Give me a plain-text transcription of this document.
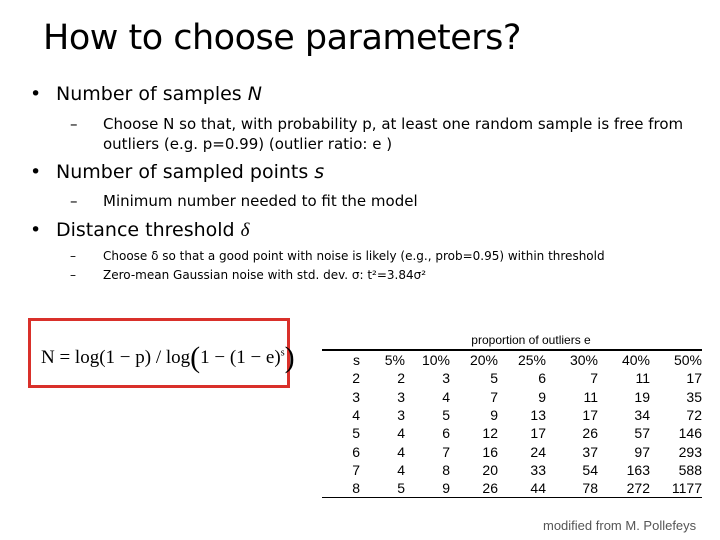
How to choose parameters?
• Number of samples N
– Choose N so that, with probability p, at least one random sample is free from outliers (e.g. p=0.99) (outlier ratio: e )
• Number of sampled points s
– Minimum number needed to fit the model
• Distance threshold δ
– Choose δ so that a good point with noise is likely (e.g., prob=0.95) within threshold
– Zero-mean Gaussian noise with std. dev. σ: t²=3.84σ²
$N = \log(1 - p) / \log(1 - (1 - e)^s)$
	proportion of outliers e						
s	5%	10%	20%	25%	30%	40%	50%
2	2	3	5	6	7	11	17
3	3	4	7	9	11	19	35
4	3	5	9	13	17	34	72
5	4	6	12	17	26	57	146
6	4	7	16	24	37	97	293
7	4	8	20	33	54	163	588
8	5	9	26	44	78	272	1177
modified from M. Pollefeys
